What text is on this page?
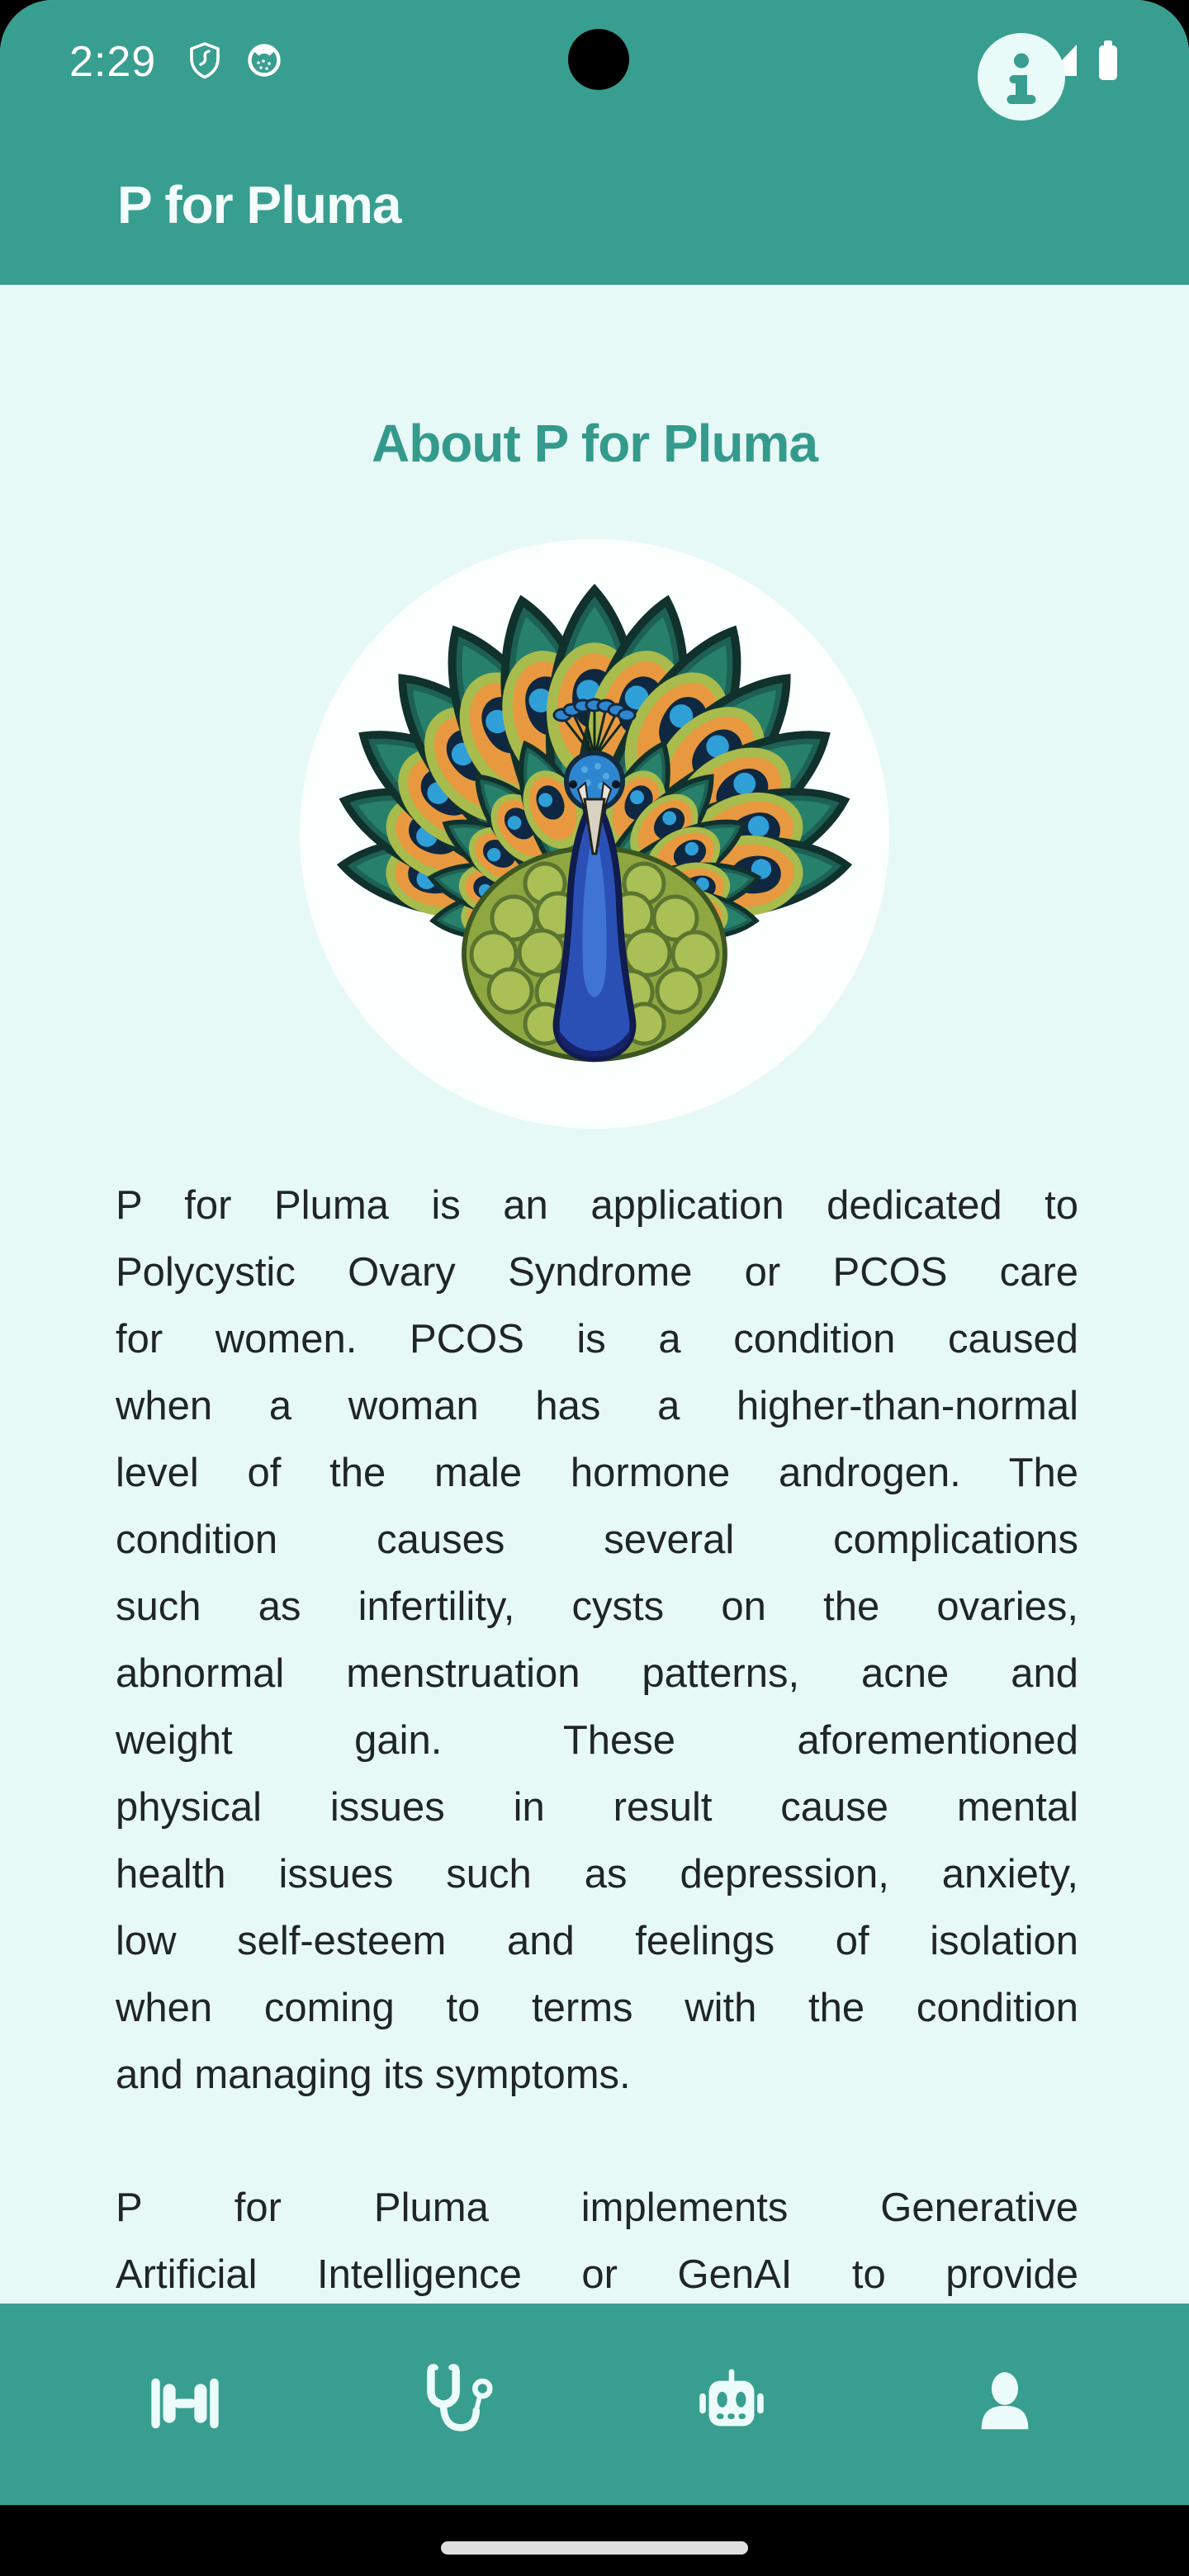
2:29
P for Pluma
About P for Pluma
P for Pluma is an application dedicated to
Polycystic Ovary Syndrome or PCOS care
for women. PCOS is a condition caused
when a woman has a higher-than-normal
level of the male hormone androgen. The
condition causes several complications
such as infertility, cysts on the ovaries,
abnormal menstruation patterns, acne and
weight gain. These aforementioned
physical issues in result cause mental
health issues such as depression, anxiety,
low self-esteem and feelings of isolation
when coming to terms with the condition
and managing its symptoms.
P for Pluma implements Generative
Artificial Intelligence or GenAI to provide
